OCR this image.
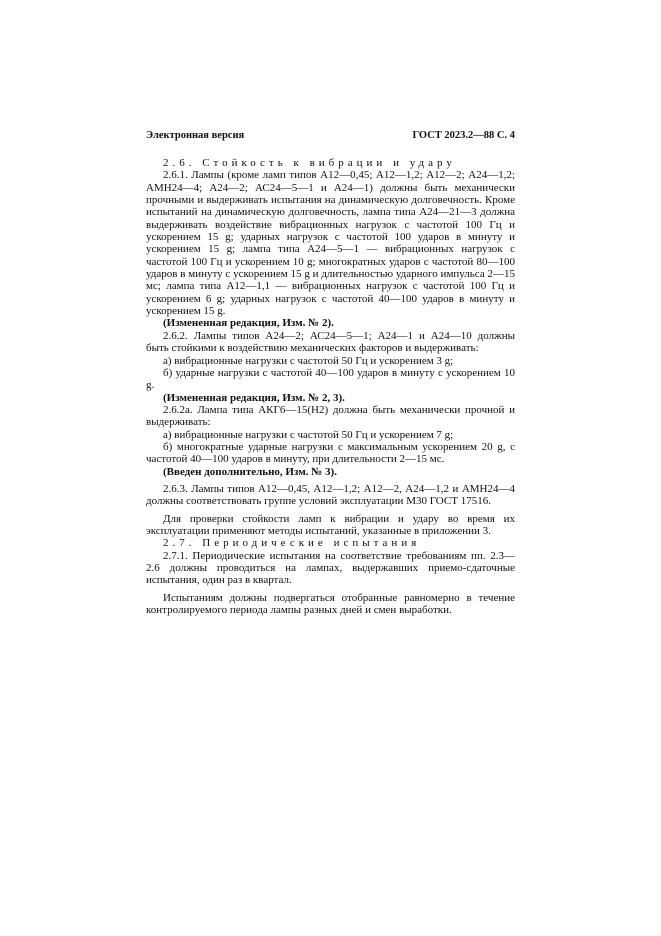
Электронная версия	ГОСТ 2023.2—88 С. 4

2.6. Стойкость к вибрации и удару

2.6.1. Лампы (кроме ламп типов А12—0,45; А12—1,2; А12—2; А24—1,2; АМН24—4; А24—2; АС24—5—1 и А24—1) должны быть механически прочными и выдерживать испытания на динамическую долговечность. Кроме испытаний на динамическую долговечность, лампа типа А24—21—3 должна выдерживать воздействие вибрационных нагрузок с частотой 100 Гц и ускорением 15 g; ударных нагрузок с частотой 100 ударов в минуту и ускорением 15 g; лампа типа А24—5—1 — вибрационных нагрузок с частотой 100 Гц и ускорением 10 g; многократных ударов с частотой 80—100 ударов в минуту с ускорением 15 g и длительностью ударного импульса 2—15 мс; лампа типа А12—1,1 — вибрационных нагрузок с частотой 100 Гц и ускорением 6 g; ударных нагрузок с частотой 40—100 ударов в минуту и ускорением 15 g.

(Измененная редакция, Изм. № 2).

2.6.2. Лампы типов А24—2; АС24—5—1; А24—1 и А24—10 должны быть стойкими к воздействию механических факторов и выдерживать:

а) вибрационные нагрузки с частотой 50 Гц и ускорением 3 g;

б) ударные нагрузки с частотой 40—100 ударов в минуту с ускорением 10 g.

(Измененная редакция, Изм. № 2, 3).

2.6.2а. Лампа типа АКГ6—15(Н2) должна быть механически прочной и выдерживать:

а) вибрационные нагрузки с частотой 50 Гц и ускорением 7 g;

б) многократные ударные нагрузки с максимальным ускорением 20 g, с частотой 40—100 ударов в минуту, при длительности 2—15 мс.

(Введен дополнительно, Изм. № 3).

2.6.3. Лампы типов А12—0,45, А12—1,2; А12—2, А24—1,2 и АМН24—4 должны соответствовать группе условий эксплуатации М30 ГОСТ 17516.

Для проверки стойкости ламп к вибрации и удару во время их эксплуатации применяют методы испытаний, указанные в приложении 3.

2.7. Периодические испытания

2.7.1. Периодические испытания на соответствие требованиям пп. 2.3—2.6 должны проводиться на лампах, выдержавших приемо-сдаточные испытания, один раз в квартал.

Испытаниям должны подвергаться отобранные равномерно в течение контролируемого периода лампы разных дней и смен выработки.
